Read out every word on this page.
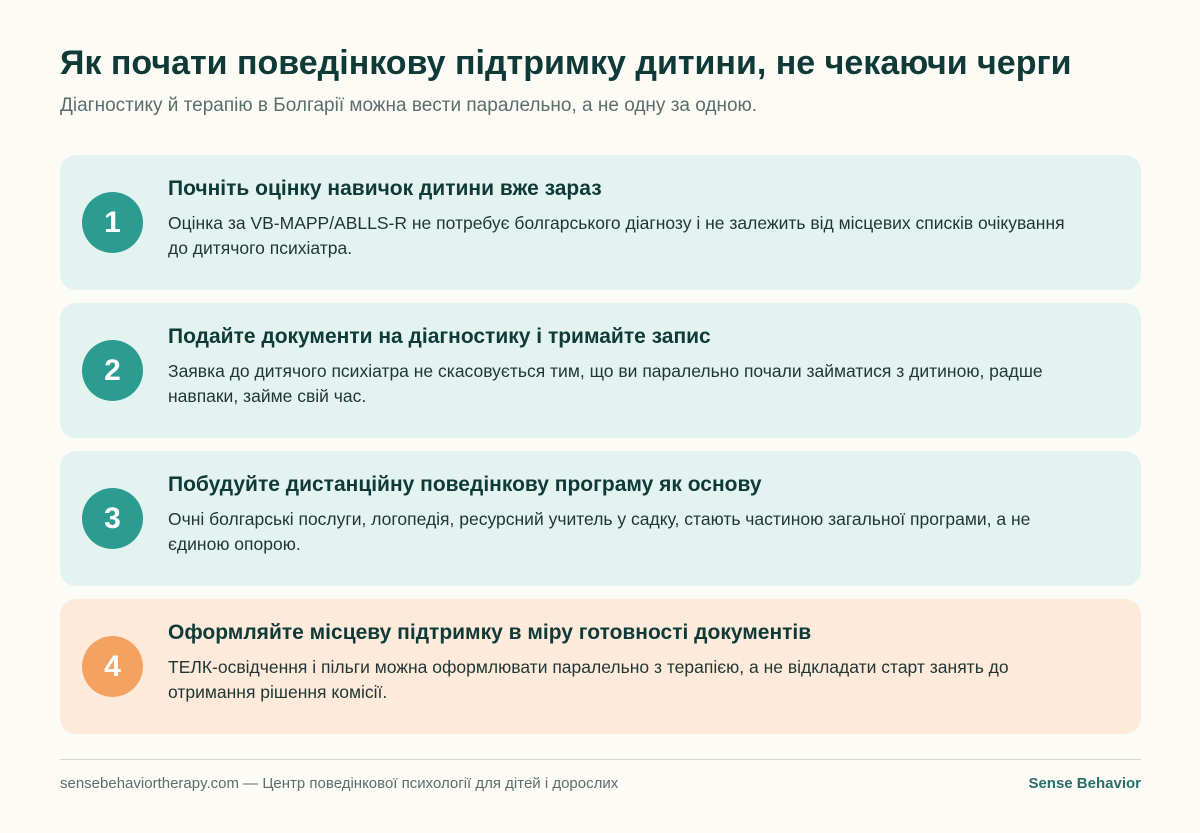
Як почати поведінкову підтримку дитини, не чекаючи черги

Діагностику й терапію в Болгарії можна вести паралельно, а не одну за одною.

1
Почніть оцінку навичок дитини вже зараз

Оцінка за VB-MAPP/ABLLS-R не потребує болгарського діагнозу і не залежить від місцевих списків очікування до дитячого психіатра.

2
Подайте документи на діагностику і тримайте запис

Заявка до дитячого психіатра не скасовується тим, що ви паралельно почали займатися з дитиною, радше навпаки, займе свій час.

3
Побудуйте дистанційну поведінкову програму як основу

Очні болгарські послуги, логопедія, ресурсний учитель у садку, стають частиною загальної програми, а не єдиною опорою.

4
Оформляйте місцеву підтримку в міру готовності документів

ТЕЛК-освідчення і пільги можна оформлювати паралельно з терапією, а не відкладати старт занять до отримання рішення комісії.

sensebehaviortherapy.com — Центр поведінкової психології для дітей і дорослих	Sense Behavior
